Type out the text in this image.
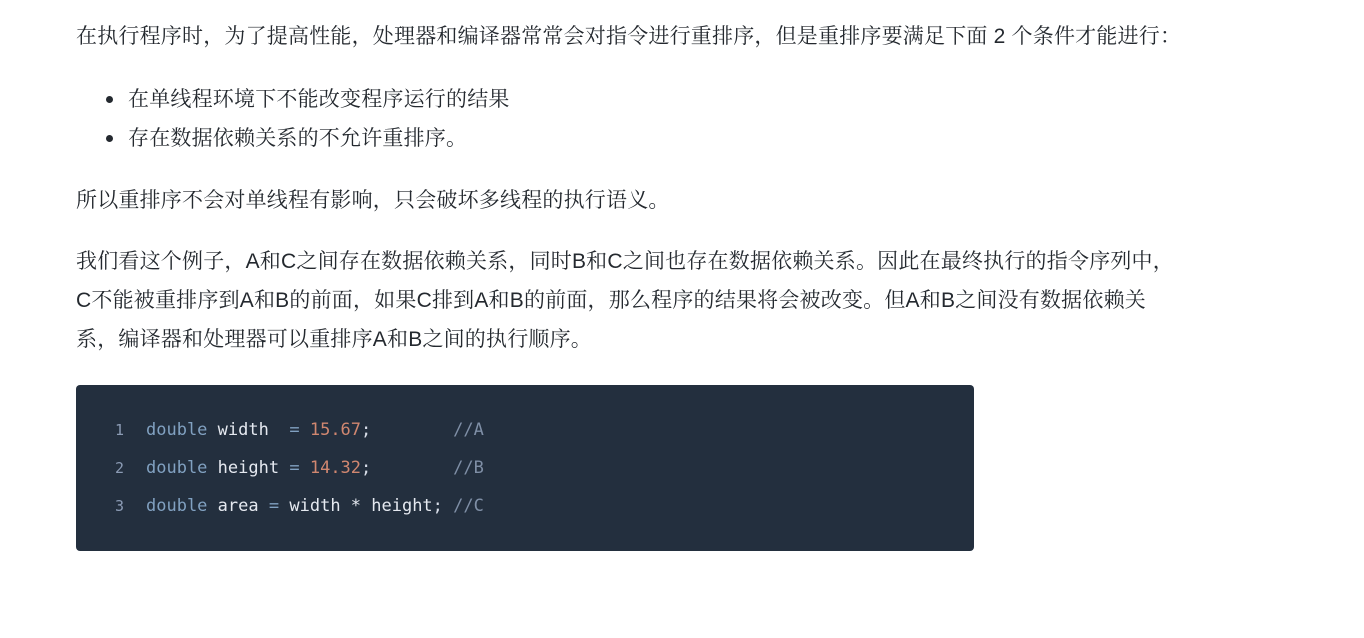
在执行程序时，为了提高性能，处理器和编译器常常会对指令进行重排序，但是重排序要满足下面 2 个条件才能进行：

在单线程环境下不能改变程序运行的结果
存在数据依赖关系的不允许重排序。

所以重排序不会对单线程有影响，只会破坏多线程的执行语义。

我们看这个例子，A和C之间存在数据依赖关系，同时B和C之间也存在数据依赖关系。因此在最终执行的指令序列中，C不能被重排序到A和B的前面，如果C排到A和B的前面，那么程序的结果将会被改变。但A和B之间没有数据依赖关系，编译器和处理器可以重排序A和B之间的执行顺序。

1	double width = 15.67;	//A
2	double height = 14.32;	//B
3	double area = width * height; //C
